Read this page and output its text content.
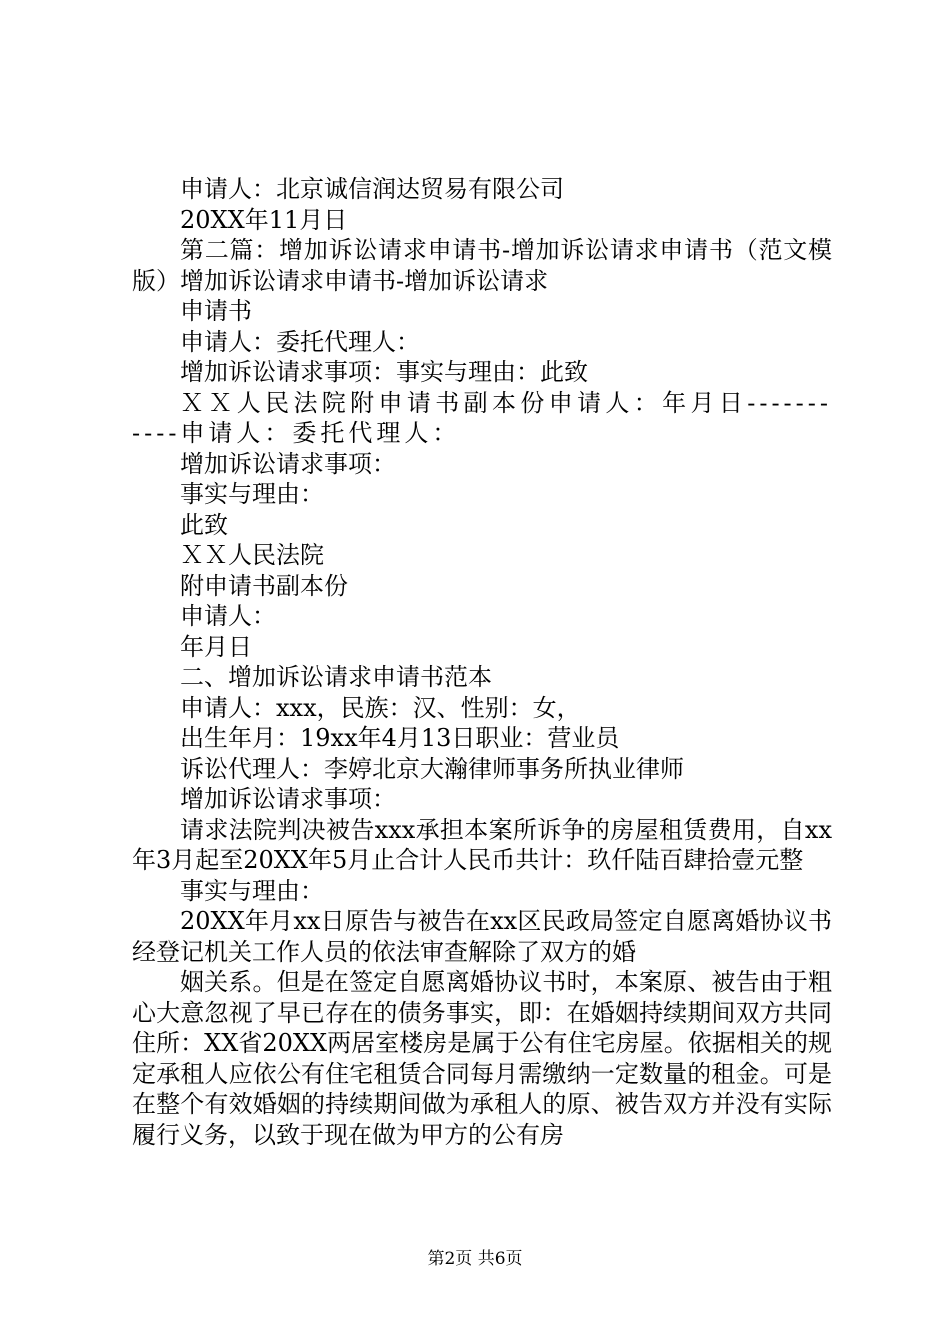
申请人：北京诚信润达贸易有限公司

20XX年11月日

第二篇：增加诉讼请求申请书-增加诉讼请求申请书（范文模版）增加诉讼请求申请书-增加诉讼请求

申请书

申请人：委托代理人：

增加诉讼请求事项：事实与理由：此致

ＸＸ人民法院附申请书副本份申请人：年月日-----------申请人：委托代理人：

增加诉讼请求事项：

事实与理由：

此致

ＸＸ人民法院

附申请书副本份

申请人：

年月日

二、增加诉讼请求申请书范本

申请人：xxx，民族：汉、性别：女，

出生年月：19xx年4月13日职业：营业员

诉讼代理人：李婷北京大瀚律师事务所执业律师

增加诉讼请求事项：

请求法院判决被告xxx承担本案所诉争的房屋租赁费用，自xx年3月起至20XX年5月止合计人民币共计：玖仟陆百肆拾壹元整

事实与理由：

20XX年月xx日原告与被告在xx区民政局签定自愿离婚协议书经登记机关工作人员的依法审查解除了双方的婚

姻关系。但是在签定自愿离婚协议书时，本案原、被告由于粗心大意忽视了早已存在的债务事实，即：在婚姻持续期间双方共同住所：XX省20XX两居室楼房是属于公有住宅房屋。依据相关的规定承租人应依公有住宅租赁合同每月需缴纳一定数量的租金。可是在整个有效婚姻的持续期间做为承租人的原、被告双方并没有实际履行义务，以致于现在做为甲方的公有房

第2页 共6页
